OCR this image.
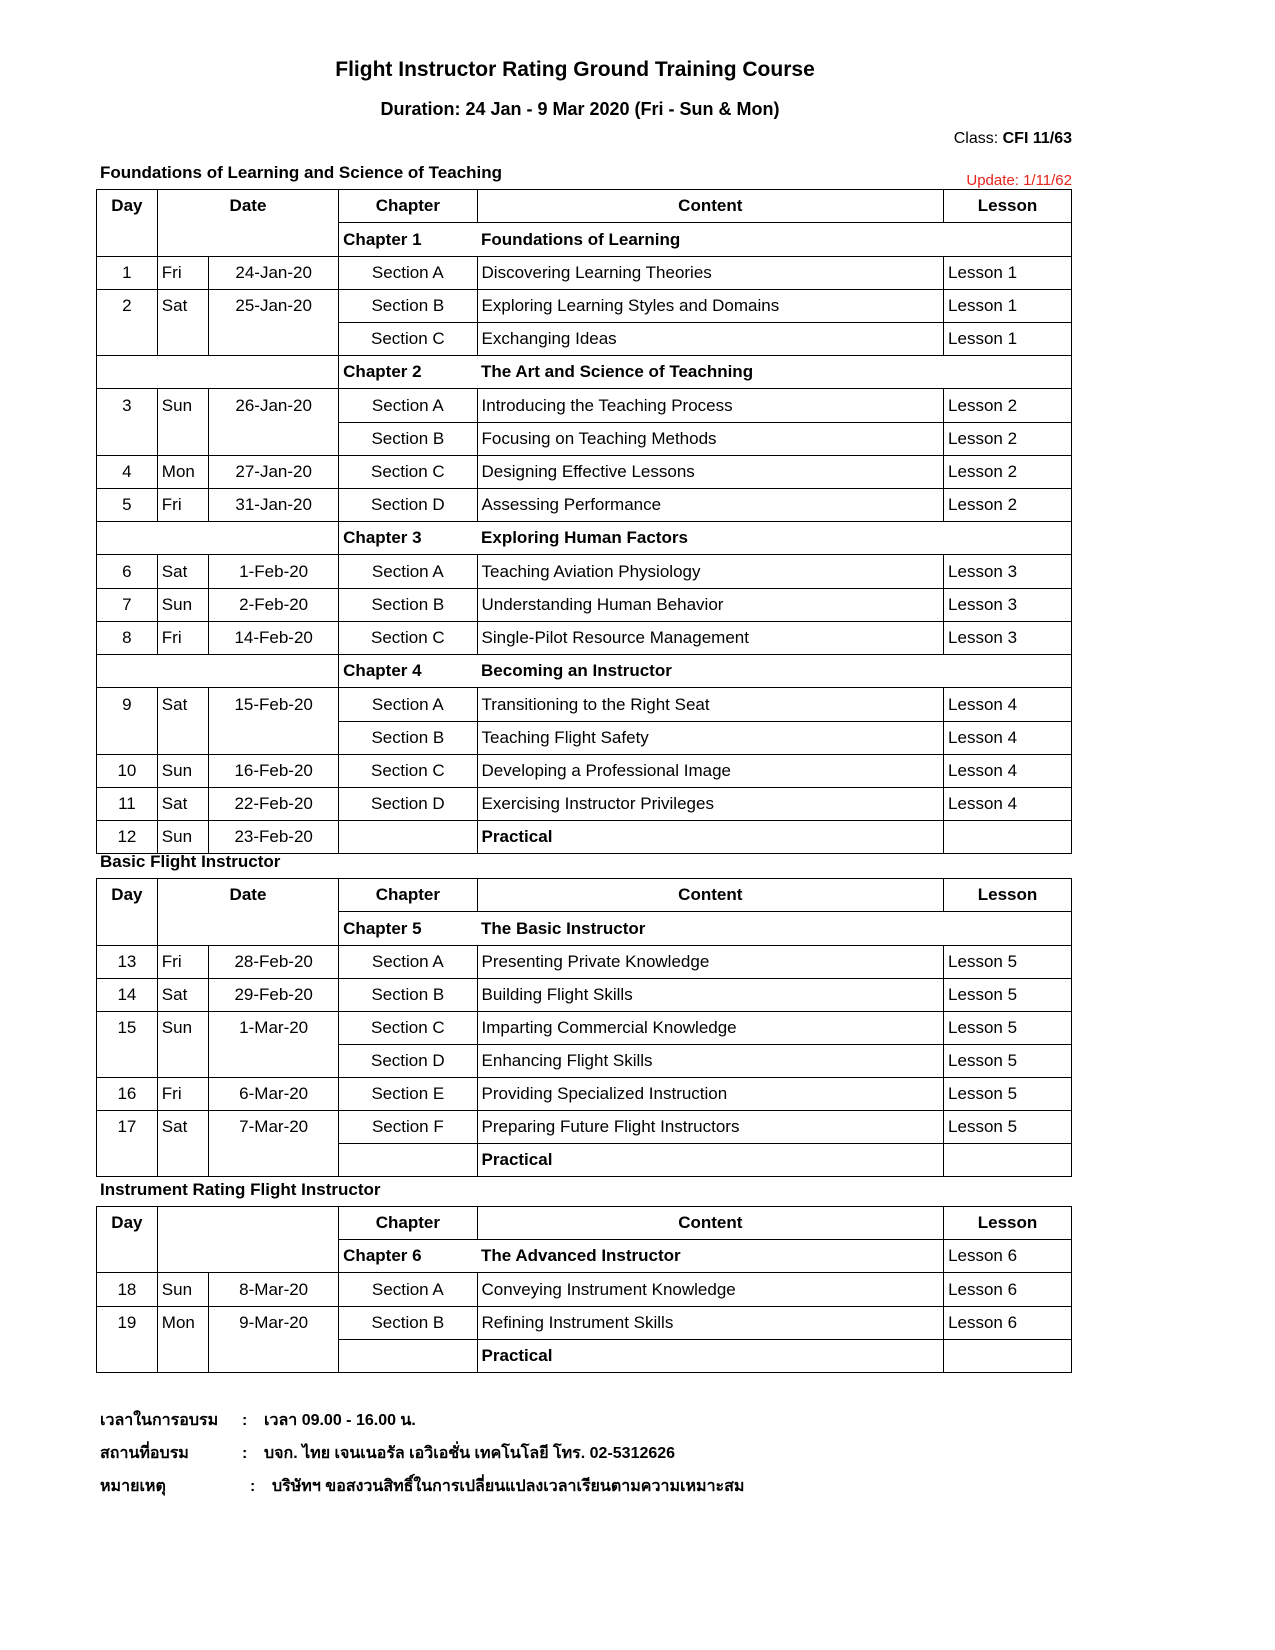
Flight Instructor Rating Ground Training Course
Duration: 24 Jan - 9 Mar 2020 (Fri - Sun & Mon)
Class: CFI 11/63
Foundations of Learning and Science of Teaching	Update: 1/11/62
Day	Date		Chapter	Content	Lesson
			Chapter 1	Foundations of Learning	
1	Fri	24-Jan-20	Section A	Discovering Learning Theories	Lesson 1
2	Sat	25-Jan-20	Section B	Exploring Learning Styles and Domains	Lesson 1
			Section C	Exchanging Ideas	Lesson 1
			Chapter 2	The Art and Science of Teachning	
3	Sun	26-Jan-20	Section A	Introducing the Teaching Process	Lesson 2
			Section B	Focusing on Teaching Methods	Lesson 2
4	Mon	27-Jan-20	Section C	Designing Effective Lessons	Lesson 2
5	Fri	31-Jan-20	Section D	Assessing Performance	Lesson 2
			Chapter 3	Exploring Human Factors	
6	Sat	1-Feb-20	Section A	Teaching Aviation Physiology	Lesson 3
7	Sun	2-Feb-20	Section B	Understanding Human Behavior	Lesson 3
8	Fri	14-Feb-20	Section C	Single-Pilot Resource Management	Lesson 3
			Chapter 4	Becoming an Instructor	
9	Sat	15-Feb-20	Section A	Transitioning to the Right Seat	Lesson 4
			Section B	Teaching Flight Safety	Lesson 4
10	Sun	16-Feb-20	Section C	Developing a Professional Image	Lesson 4
11	Sat	22-Feb-20	Section D	Exercising Instructor Privileges	Lesson 4
12	Sun	23-Feb-20		Practical	
Basic Flight Instructor
Day	Date		Chapter	Content	Lesson
			Chapter 5	The Basic Instructor	
13	Fri	28-Feb-20	Section A	Presenting Private Knowledge	Lesson 5
14	Sat	29-Feb-20	Section B	Building Flight Skills	Lesson 5
15	Sun	1-Mar-20	Section C	Imparting Commercial Knowledge	Lesson 5
			Section D	Enhancing Flight Skills	Lesson 5
16	Fri	6-Mar-20	Section E	Providing Specialized Instruction	Lesson 5
17	Sat	7-Mar-20	Section F	Preparing Future Flight Instructors	Lesson 5
				Practical	
Instrument Rating Flight Instructor
Day			Chapter	Content	Lesson
			Chapter 6	The Advanced Instructor	Lesson 6
18	Sun	8-Mar-20	Section A	Conveying Instrument Knowledge	Lesson 6
19	Mon	9-Mar-20	Section B	Refining Instrument Skills	Lesson 6
				Practical	
เวลาในการอบรม : เวลา 09.00 - 16.00 น.
สถานที่อบรม	: บจก. ไทย เจนเนอรัล เอวิเอชั่น เทคโนโลยี โทร. 02-5312626
หมายเหตุ	: บริษัทฯ ขอสงวนสิทธิ์ในการเปลี่ยนแปลงเวลาเรียนตามความเหมาะสม
